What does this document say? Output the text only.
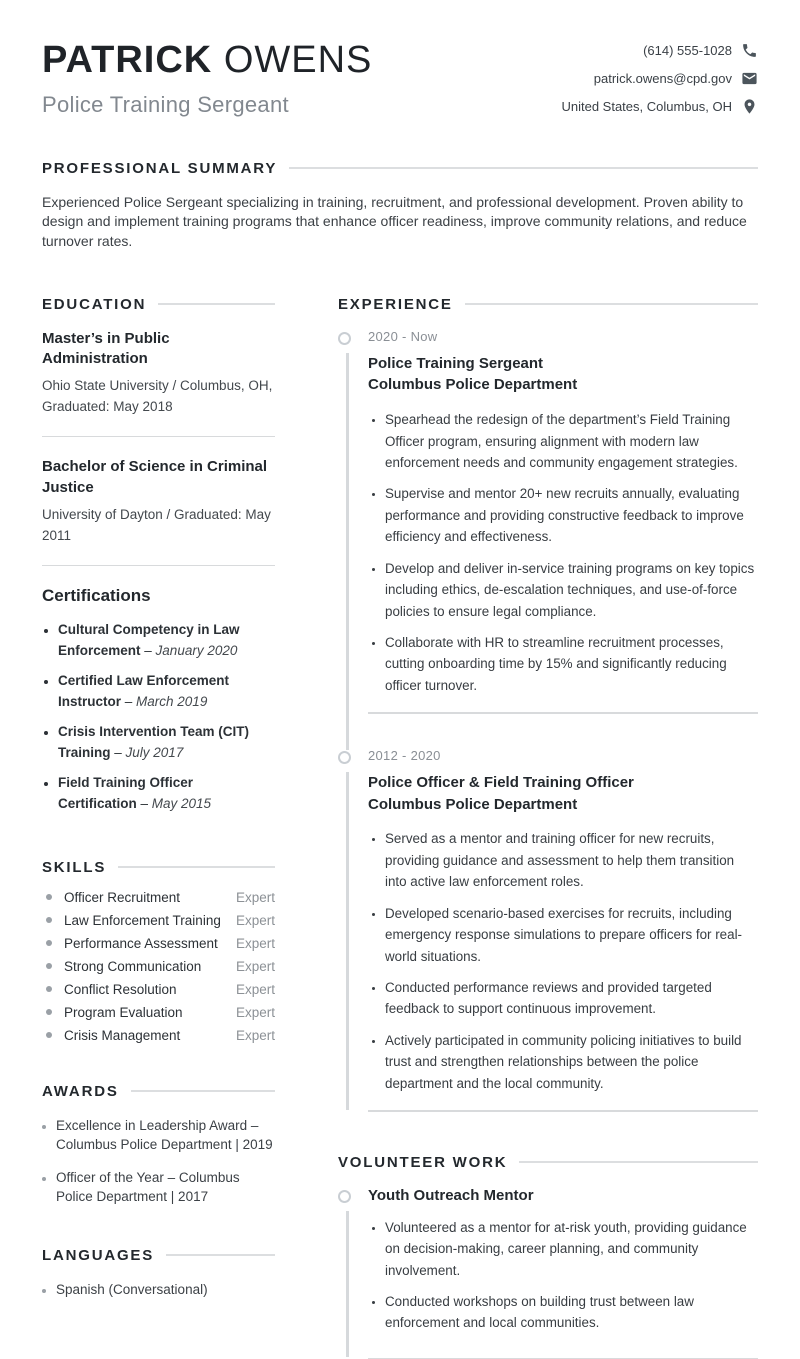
PATRICK OWENS
Police Training Sergeant
(614) 555-1028
patrick.owens@cpd.gov
United States, Columbus, OH
PROFESSIONAL SUMMARY

Experienced Police Sergeant specializing in training, recruitment, and professional development. Proven ability to design and implement training programs that enhance officer readiness, improve community relations, and reduce turnover rates.

EDUCATION
Master’s in Public Administration
Ohio State University / Columbus, OH, Graduated: May 2018
Bachelor of Science in Criminal Justice
University of Dayton / Graduated: May 2011
Certifications
• Cultural Competency in Law Enforcement – January 2020
• Certified Law Enforcement Instructor – March 2019
• Crisis Intervention Team (CIT) Training – July 2017
• Field Training Officer Certification – May 2015
SKILLS
Officer Recruitment	Expert
Law Enforcement Training Expert
Performance Assessment Expert
Strong Communication	Expert
Conflict Resolution	Expert
Program Evaluation	Expert
Crisis Management	Expert
AWARDS
• Excellence in Leadership Award – Columbus Police Department | 2019
• Officer of the Year – Columbus Police Department | 2017
LANGUAGES
• Spanish (Conversational)
EXPERIENCE
2020 - Now
Police Training Sergeant
Columbus Police Department
• Spearhead the redesign of the department’s Field Training Officer program, ensuring alignment with modern law enforcement needs and community engagement strategies.
• Supervise and mentor 20+ new recruits annually, evaluating performance and providing constructive feedback to improve efficiency and effectiveness.
• Develop and deliver in-service training programs on key topics including ethics, de-escalation techniques, and use-of-force policies to ensure legal compliance.
• Collaborate with HR to streamline recruitment processes, cutting onboarding time by 15% and significantly reducing officer turnover.
2012 - 2020
Police Officer & Field Training Officer
Columbus Police Department
• Served as a mentor and training officer for new recruits, providing guidance and assessment to help them transition into active law enforcement roles.
• Developed scenario-based exercises for recruits, including emergency response simulations to prepare officers for real-world situations.
• Conducted performance reviews and provided targeted feedback to support continuous improvement.
• Actively participated in community policing initiatives to build trust and strengthen relationships between the police department and the local community.
VOLUNTEER WORK
Youth Outreach Mentor
• Volunteered as a mentor for at-risk youth, providing guidance on decision-making, career planning, and community involvement.
• Conducted workshops on building trust between law enforcement and local communities.
